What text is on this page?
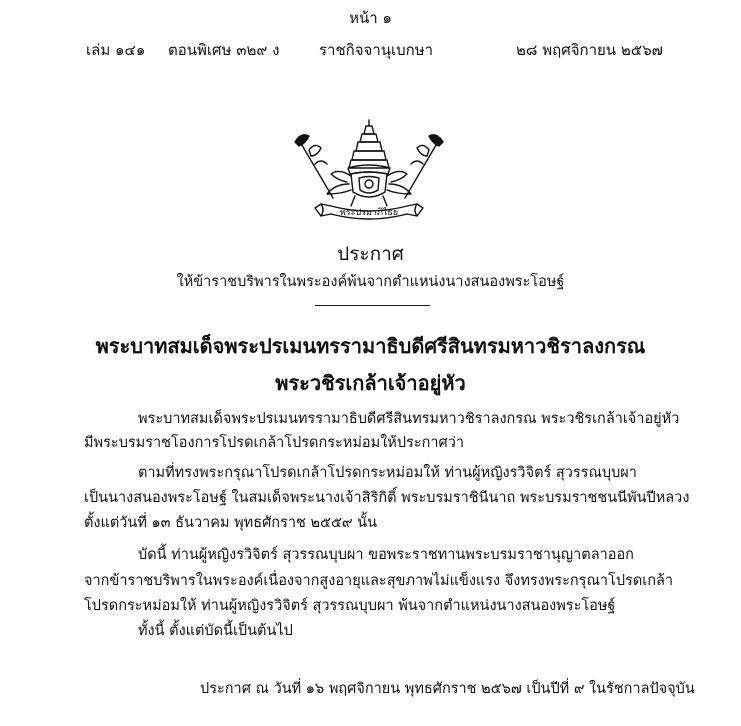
หน้า ๑
เล่ม ๑๔๑ ตอนพิเศษ ๓๒๙ ง	ราชกิจจานุเบกษา	๒๘ พฤศจิกายน ๒๕๖๗
พระปรมาภิไธย
ประกาศ
ให้ข้าราชบริพารในพระองค์พ้นจากตำแหน่งนางสนองพระโอษฐ์
พระบาทสมเด็จพระปรเมนทรรามาธิบดีศรีสินทรมหาวชิราลงกรณ
พระวชิรเกล้าเจ้าอยู่หัว
พระบาทสมเด็จพระปรเมนทรรามาธิบดีศรีสินทรมหาวชิราลงกรณ พระวชิรเกล้าเจ้าอยู่หัว
มีพระบรมราชโองการโปรดเกล้าโปรดกระหม่อมให้ประกาศว่า
ตามที่ทรงพระกรุณาโปรดเกล้าโปรดกระหม่อมให้ ท่านผู้หญิงรวิจิตร์ สุวรรณบุบผา
เป็นนางสนองพระโอษฐ์ ในสมเด็จพระนางเจ้าสิริกิติ์ พระบรมราชินีนาถ พระบรมราชชนนีพันปีหลวง
ตั้งแต่วันที่ ๑๓ ธันวาคม พุทธศักราช ๒๕๕๙ นั้น
บัดนี้ ท่านผู้หญิงรวิจิตร์ สุวรรณบุบผา ขอพระราชทานพระบรมราชานุญาตลาออก
จากข้าราชบริพารในพระองค์เนื่องจากสูงอายุและสุขภาพไม่แข็งแรง จึงทรงพระกรุณาโปรดเกล้า
โปรดกระหม่อมให้ ท่านผู้หญิงรวิจิตร์ สุวรรณบุบผา พ้นจากตำแหน่งนางสนองพระโอษฐ์
ทั้งนี้ ตั้งแต่บัดนี้เป็นต้นไป
ประกาศ ณ วันที่ ๑๖ พฤศจิกายน พุทธศักราช ๒๕๖๗ เป็นปีที่ ๙ ในรัชกาลปัจจุบัน
